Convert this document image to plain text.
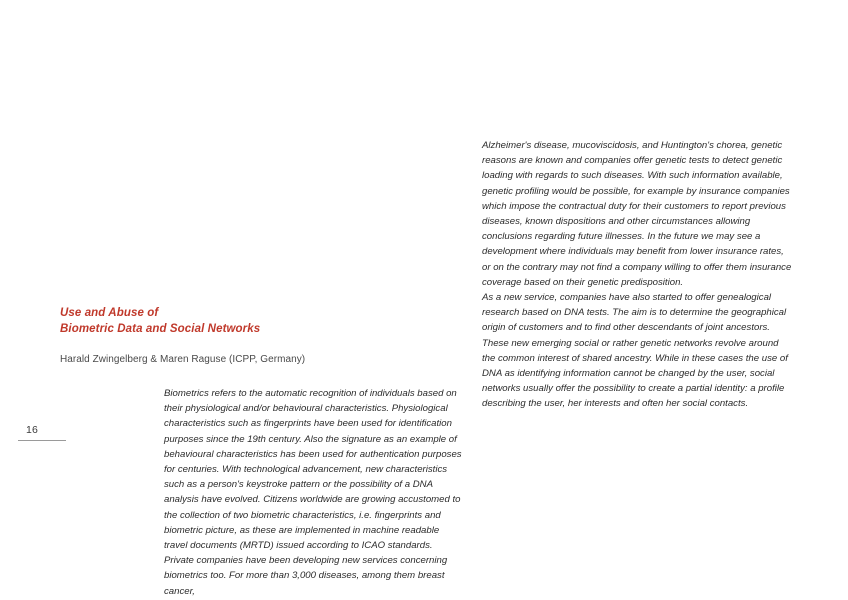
16
Use and Abuse of
Biometric Data and Social Networks
Harald Zwingelberg & Maren Raguse (ICPP, Germany)

Biometrics refers to the automatic recognition of individuals based on their physiological and/or behavioural characteristics. Physiological characteristics such as fingerprints have been used for identification purposes since the 19th century. Also the signature as an example of behavioural characteristics has been used for authentication purposes for centuries. With technological advancement, new characteristics such as a person's keystroke pattern or the possibility of a DNA analysis have evolved. Citizens worldwide are growing accustomed to the collection of two biometric characteristics, i.e. fingerprints and biometric picture, as these are implemented in machine readable travel documents (MRTD) issued according to ICAO standards. Private companies have been developing new services concerning biometrics too. For more than 3,000 diseases, among them breast cancer,

Alzheimer's disease, mucoviscidosis, and Huntington's chorea, genetic reasons are known and companies offer genetic tests to detect genetic loading with regards to such diseases. With such information available, genetic profiling would be possible, for example by insurance companies which impose the contractual duty for their customers to report previous diseases, known dispositions and other circumstances allowing conclusions regarding future illnesses. In the future we may see a development where individuals may benefit from lower insurance rates, or on the contrary may not find a company willing to offer them insurance coverage based on their genetic predisposition.

As a new service, companies have also started to offer genealogical research based on DNA tests. The aim is to determine the geographical origin of customers and to find other descendants of joint ancestors. These new emerging social or rather genetic networks revolve around the common interest of shared ancestry. While in these cases the use of DNA as identifying information cannot be changed by the user, social networks usually offer the possibility to create a partial identity: a profile describing the user, her interests and often her social contacts.
